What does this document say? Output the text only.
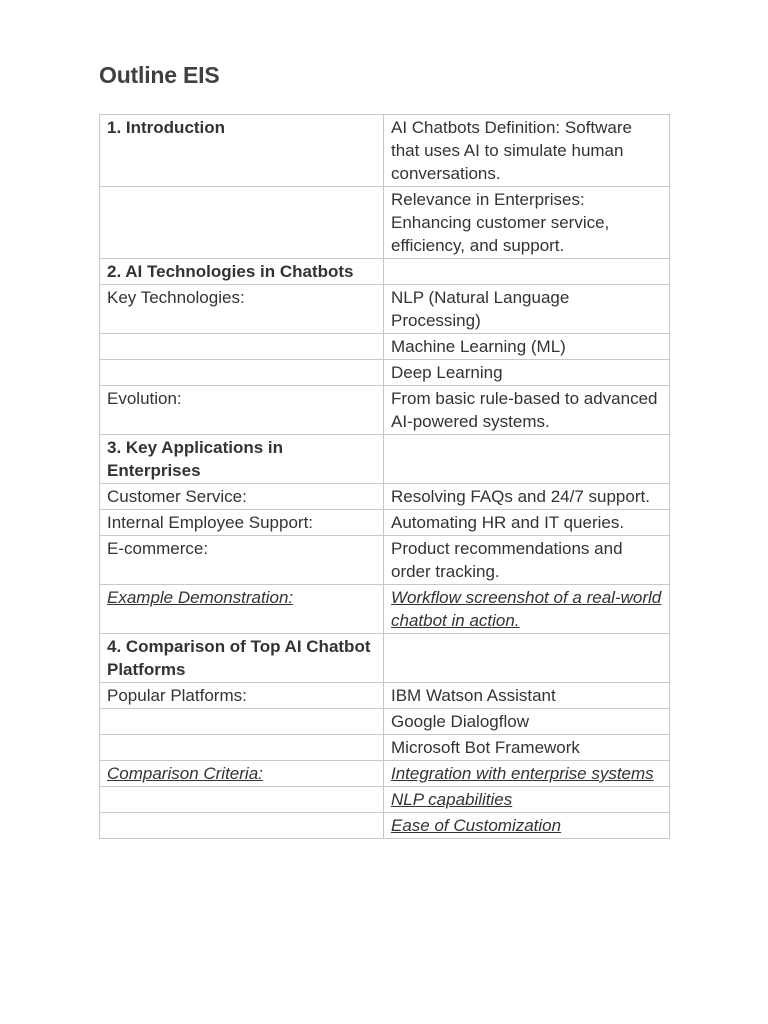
Outline EIS
1. Introduction	AI Chatbots Definition: Software that uses AI to simulate human conversations.
	Relevance in Enterprises: Enhancing customer service, efficiency, and support.
2. AI Technologies in Chatbots	
Key Technologies:	NLP (Natural Language Processing)
	Machine Learning (ML)
	Deep Learning
Evolution:	From basic rule-based to advanced AI-powered systems.
3. Key Applications in Enterprises	
Customer Service:	Resolving FAQs and 24/7 support.
Internal Employee Support:	Automating HR and IT queries.
E-commerce:	Product recommendations and order tracking.
Example Demonstration:	Workflow screenshot of a real-world chatbot in action.
4. Comparison of Top AI Chatbot Platforms	
Popular Platforms:	IBM Watson Assistant
	Google Dialogflow
	Microsoft Bot Framework
Comparison Criteria:	Integration with enterprise systems
	NLP capabilities
	Ease of Customization
